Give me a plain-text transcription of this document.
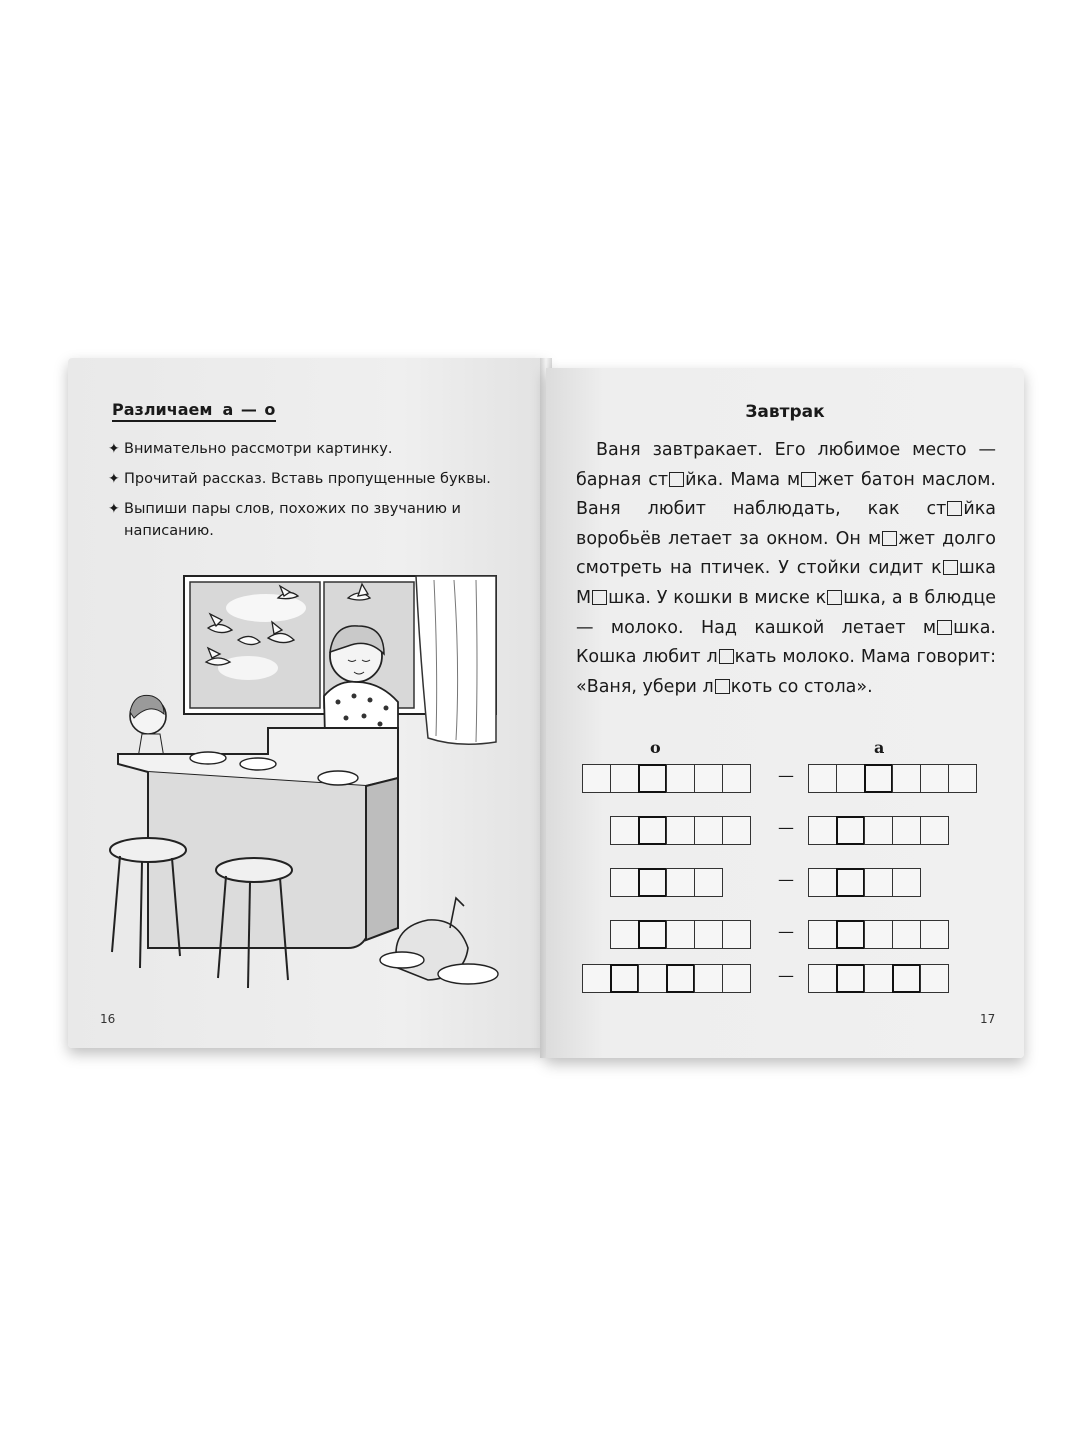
Различаем а — о
✦ Внимательно рассмотри картинку.
✦ Прочитай рассказ. Вставь пропущенные буквы.
✦ Выпиши пары слов, похожих по звучанию и написанию.
16
Завтрак

Ваня завтракает. Его любимое место — барная ст йка. Мама м жет батон маслом. Ваня любит наблюдать, как ст йка воробьёв летает за окном. Он м жет долго смотреть на птичек. У стойки сидит к шка М шка. У кошки в миске к шка, а в блюдце — молоко. Над кашкой летает м шка. Кошка любит л кать молоко. Мама говорит: «Ваня, убери л коть со стола».

о	а
—
—
—
—
—
17
